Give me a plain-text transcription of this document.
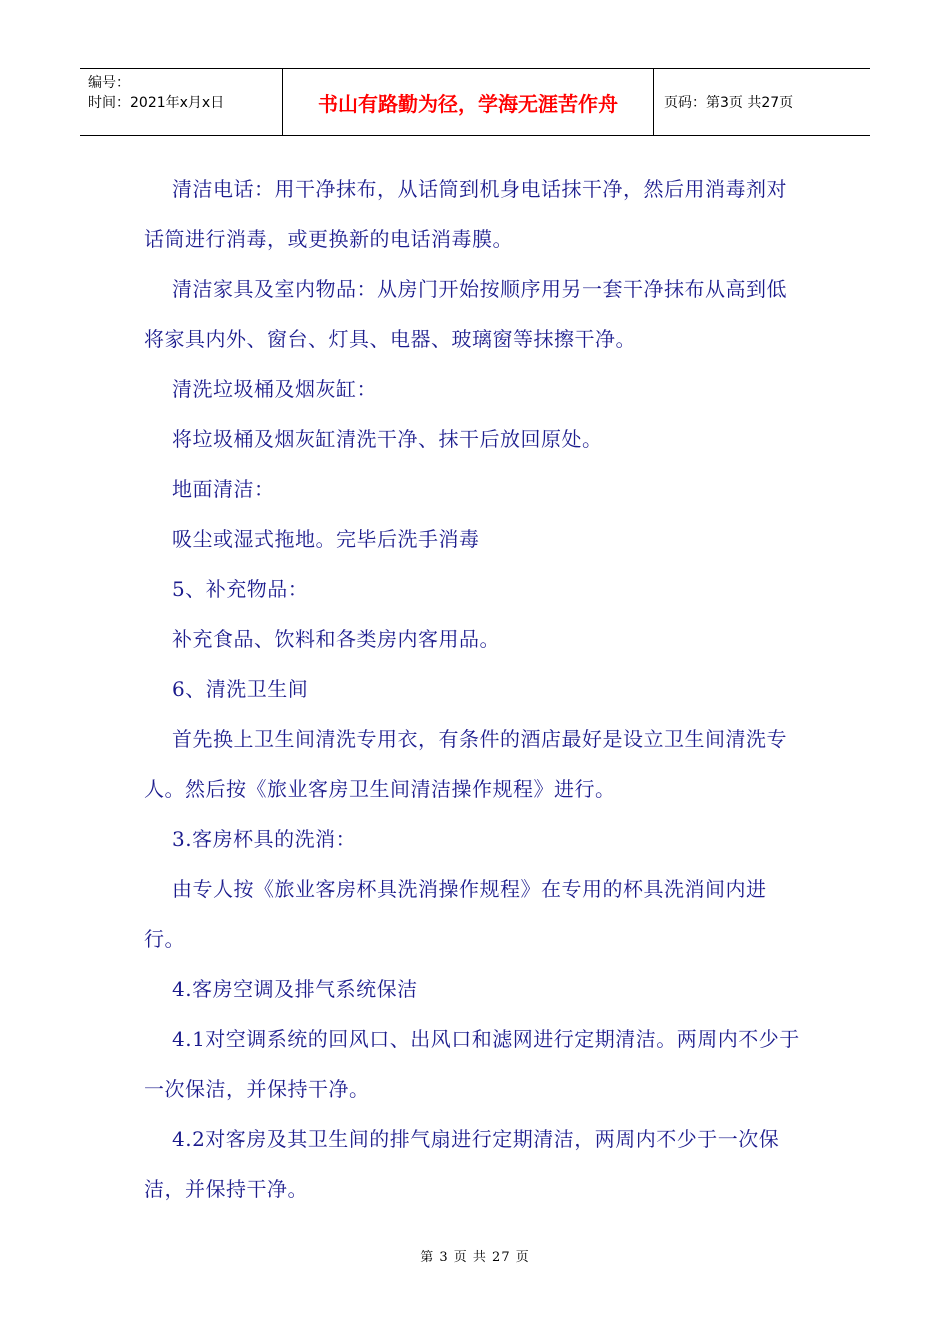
编号：
时间：2021年x月x日	书山有路勤为径，学海无涯苦作舟	页码：第3页 共27页

清洁电话：用干净抹布，从话筒到机身电话抹干净，然后用消毒剂对话筒进行消毒，或更换新的电话消毒膜。

清洁家具及室内物品：从房门开始按顺序用另一套干净抹布从高到低将家具内外、窗台、灯具、电器、玻璃窗等抹擦干净。

清洗垃圾桶及烟灰缸：

将垃圾桶及烟灰缸清洗干净、抹干后放回原处。

地面清洁：

吸尘或湿式拖地。完毕后洗手消毒

5、补充物品：

补充食品、饮料和各类房内客用品。

6、清洗卫生间

首先换上卫生间清洗专用衣，有条件的酒店最好是设立卫生间清洗专人。然后按《旅业客房卫生间清洁操作规程》进行。

3.客房杯具的洗消：

由专人按《旅业客房杯具洗消操作规程》在专用的杯具洗消间内进行。

4.客房空调及排气系统保洁

4.1对空调系统的回风口、出风口和滤网进行定期清洁。两周内不少于一次保洁，并保持干净。

4.2对客房及其卫生间的排气扇进行定期清洁，两周内不少于一次保洁，并保持干净。

第 3 页 共 27 页
